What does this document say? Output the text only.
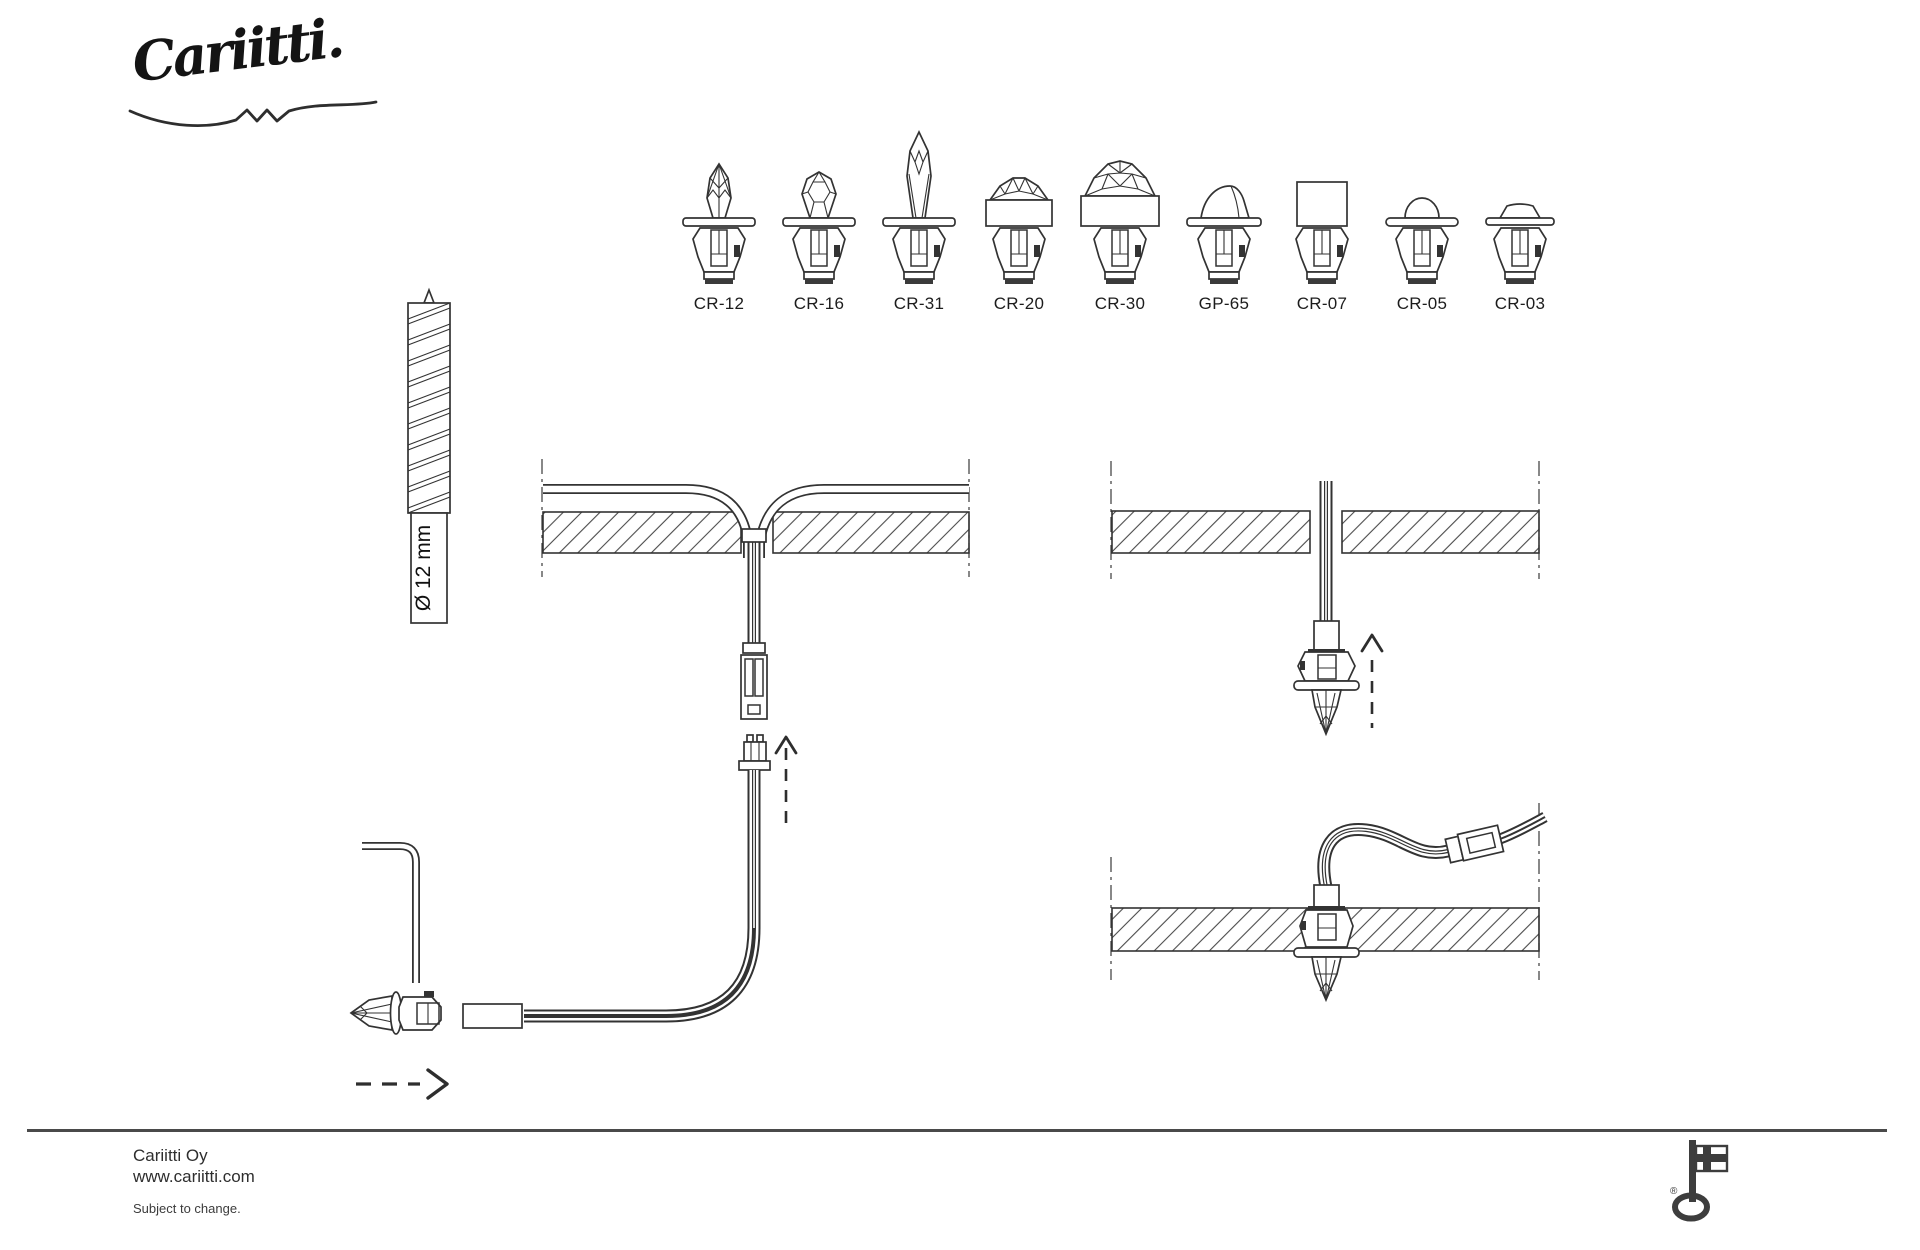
Cariitti.
CR-12	CR-16	CR-31	CR-20	CR-30	GP-65	CR-07	CR-05	CR-03
Ø 12 mm
Cariitti Oy
www.cariitti.com
Subject to change.
®
